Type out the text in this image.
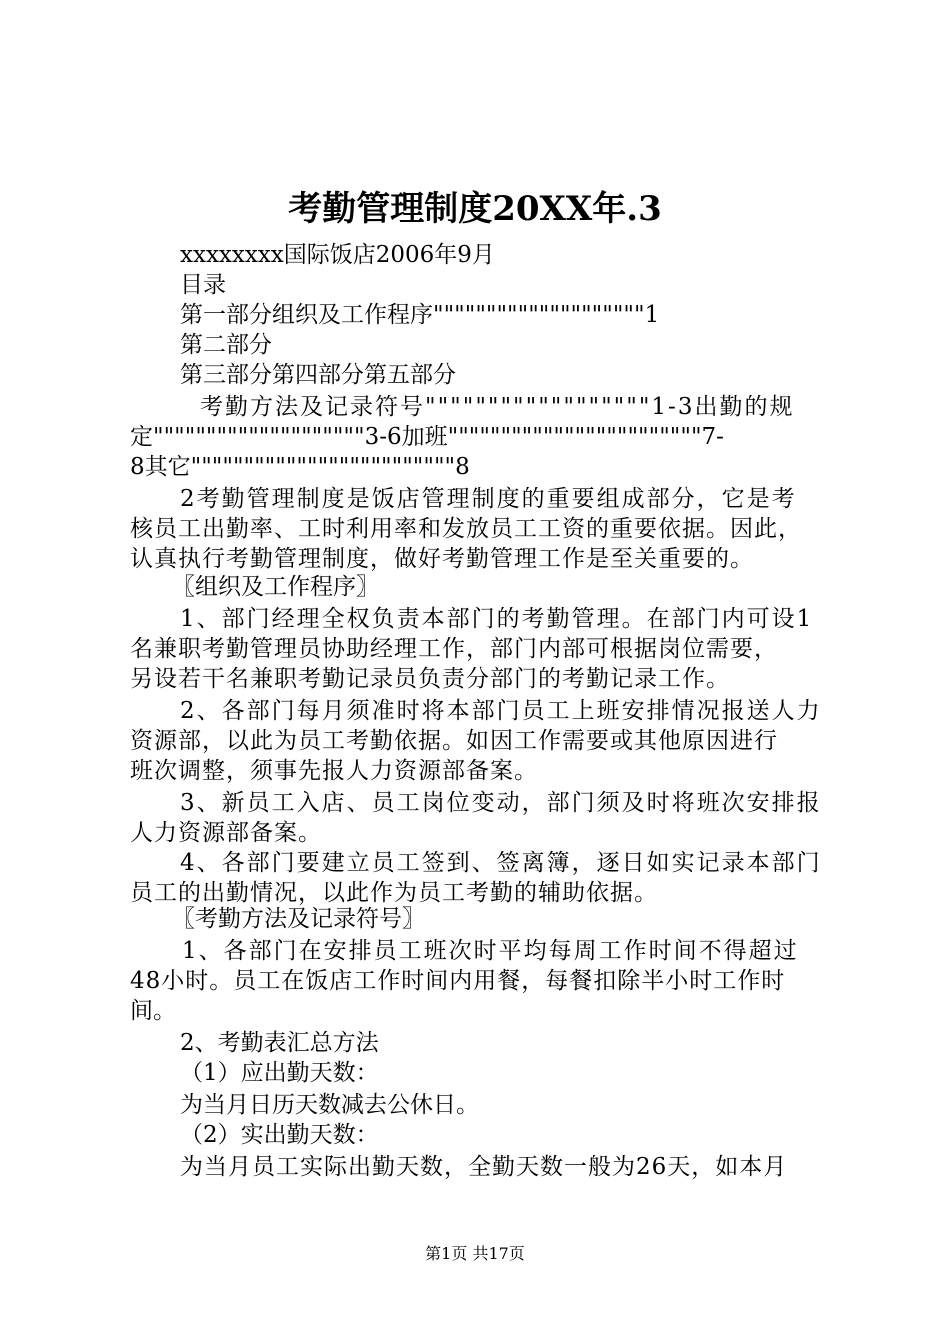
考勤管理制度20XX年.3
xxxxxxxx国际饭店2006年9月
目录
第一部分组织及工作程序""""""""""""""""""""1
第二部分
第三部分第四部分第五部分
考勤方法及记录符号""""""""""""""""""1-3出勤的规
定""""""""""""""""""""3-6加班""""""""""""""""""""""""7-
8其它"""""""""""""""""""""""""8
2考勤管理制度是饭店管理制度的重要组成部分，它是考
核员工出勤率、工时利用率和发放员工工资的重要依据。因此，
认真执行考勤管理制度，做好考勤管理工作是至关重要的。
〖组织及工作程序〗
1、部门经理全权负责本部门的考勤管理。在部门内可设1
名兼职考勤管理员协助经理工作，部门内部可根据岗位需要，
另设若干名兼职考勤记录员负责分部门的考勤记录工作。
2、各部门每月须准时将本部门员工上班安排情况报送人力
资源部，以此为员工考勤依据。如因工作需要或其他原因进行
班次调整，须事先报人力资源部备案。
3、新员工入店、员工岗位变动，部门须及时将班次安排报
人力资源部备案。
4、各部门要建立员工签到、签离簿，逐日如实记录本部门
员工的出勤情况，以此作为员工考勤的辅助依据。
〖考勤方法及记录符号〗
1、各部门在安排员工班次时平均每周工作时间不得超过
48小时。员工在饭店工作时间内用餐，每餐扣除半小时工作时
间。
2、考勤表汇总方法
（1）应出勤天数：
为当月日历天数减去公休日。
（2）实出勤天数：
为当月员工实际出勤天数，全勤天数一般为26天，如本月
第1页 共17页
